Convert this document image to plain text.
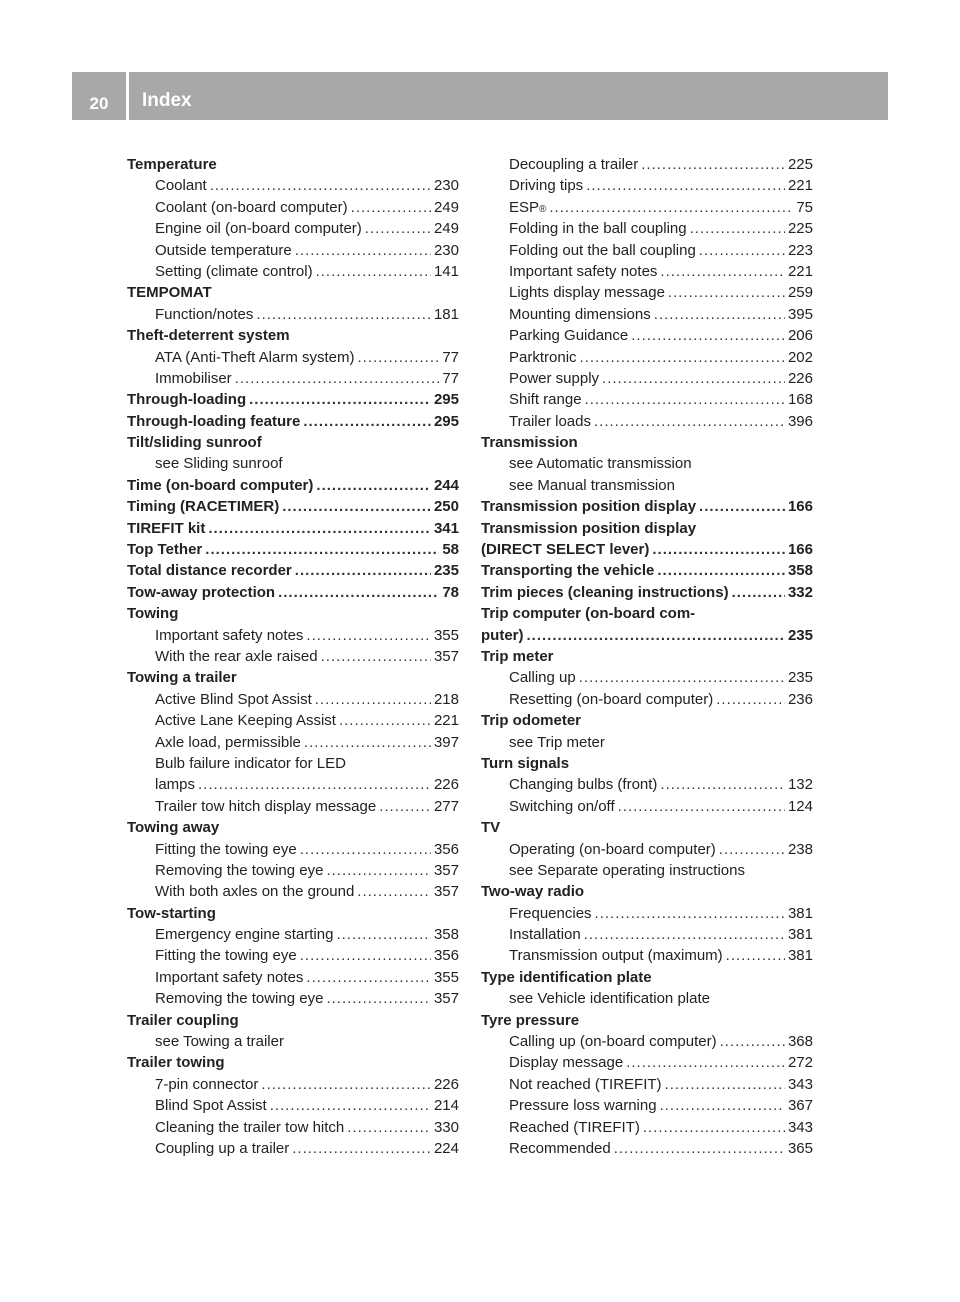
20	Index
Temperature
Coolant .....	230
Coolant (on-board computer) .....	249
Engine oil (on-board computer) .....	249
Outside temperature .....	230
Setting (climate control) .....	141
TEMPOMAT
Function/notes .....	181
Theft-deterrent system
ATA (Anti-Theft Alarm system) .....	77
Immobiliser .....	77
Through-loading .....	295
Through-loading feature .....	295
Tilt/sliding sunroof
see Sliding sunroof
Time (on-board computer) .....	244
Timing (RACETIMER) .....	250
TIREFIT kit .....	341
Top Tether .....	58
Total distance recorder .....	235
Tow-away protection .....	78
Towing
Important safety notes .....	355
With the rear axle raised .....	357
Towing a trailer
Active Blind Spot Assist .....	218
Active Lane Keeping Assist .....	221
Axle load, permissible .....	397
Bulb failure indicator for LED
lamps .....	226
Trailer tow hitch display message .....	277
Towing away
Fitting the towing eye .....	356
Removing the towing eye .....	357
With both axles on the ground .....	357
Tow-starting
Emergency engine starting .....	358
Fitting the towing eye .....	356
Important safety notes .....	355
Removing the towing eye .....	357
Trailer coupling
see Towing a trailer
Trailer towing
7-pin connector .....	226
Blind Spot Assist .....	214
Cleaning the trailer tow hitch .....	330
Coupling up a trailer .....	224
Decoupling a trailer .....	225
Driving tips .....	221
ESP ® .....	75
Folding in the ball coupling .....	225
Folding out the ball coupling .....	223
Important safety notes .....	221
Lights display message .....	259
Mounting dimensions .....	395
Parking Guidance .....	206
Parktronic .....	202
Power supply .....	226
Shift range .....	168
Trailer loads .....	396
Transmission
see Automatic transmission
see Manual transmission
Transmission position display .....	166
Transmission position display
(DIRECT SELECT lever) .....	166
Transporting the vehicle .....	358
Trim pieces (cleaning instructions) .....	332
Trip computer (on-board com-
puter) .....	235
Trip meter
Calling up .....	235
Resetting (on-board computer) .....	236
Trip odometer
see Trip meter
Turn signals
Changing bulbs (front) .....	132
Switching on/off .....	124
TV
Operating (on-board computer) .....	238
see Separate operating instructions
Two-way radio
Frequencies .....	381
Installation .....	381
Transmission output (maximum) .....	381
Type identification plate
see Vehicle identification plate
Tyre pressure
Calling up (on-board computer) .....	368
Display message .....	272
Not reached (TIREFIT) .....	343
Pressure loss warning .....	367
Reached (TIREFIT) .....	343
Recommended .....	365
